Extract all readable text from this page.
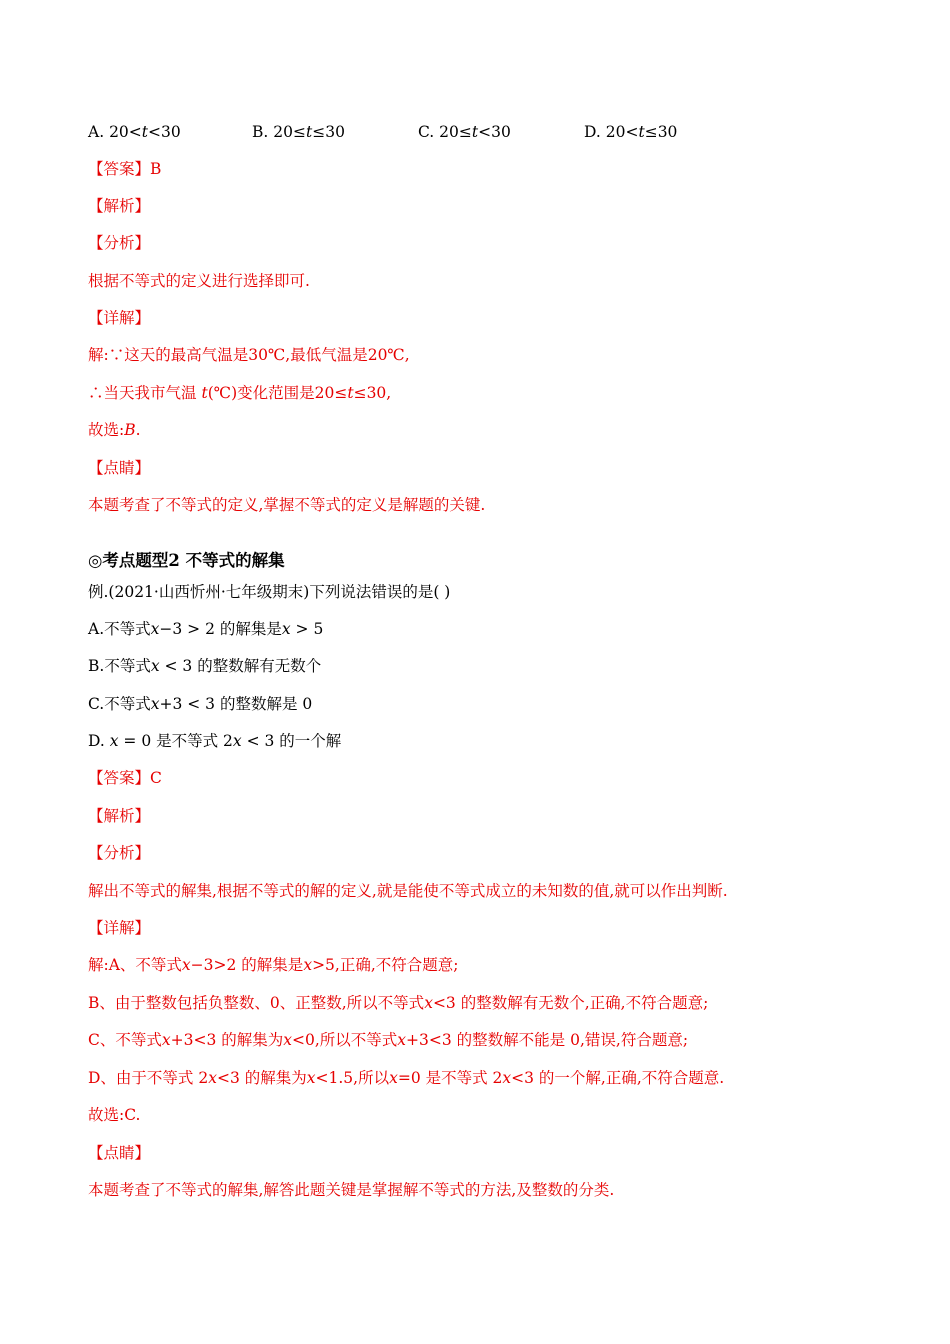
A. 20<t<30	B. 20≤t≤30	C. 20≤t<30	D. 20<t≤30
【答案】B
【解析】
【分析】
根据不等式的定义进行选择即可.
【详解】
解:∵这天的最高气温是30℃,最低气温是20℃,
∴当天我市气温 t(℃)变化范围是20≤t≤30,
故选:B.
【点睛】
本题考查了不等式的定义,掌握不等式的定义是解题的关键.
◎考点题型2 不等式的解集
例.(2021·山西忻州·七年级期末)下列说法错误的是( )
A.不等式x−3 > 2 的解集是x > 5
B.不等式x < 3 的整数解有无数个
C.不等式x+3 < 3 的整数解是 0
D. x = 0 是不等式 2x < 3 的一个解
【答案】C
【解析】
【分析】
解出不等式的解集,根据不等式的解的定义,就是能使不等式成立的未知数的值,就可以作出判断.
【详解】
解:A、不等式x−3>2 的解集是x>5,正确,不符合题意;
B、由于整数包括负整数、0、正整数,所以不等式x<3 的整数解有无数个,正确,不符合题意;
C、不等式x+3<3 的解集为x<0,所以不等式x+3<3 的整数解不能是 0,错误,符合题意;
D、由于不等式 2x<3 的解集为x<1.5,所以x=0 是不等式 2x<3 的一个解,正确,不符合题意.
故选:C.
【点睛】
本题考查了不等式的解集,解答此题关键是掌握解不等式的方法,及整数的分类.
